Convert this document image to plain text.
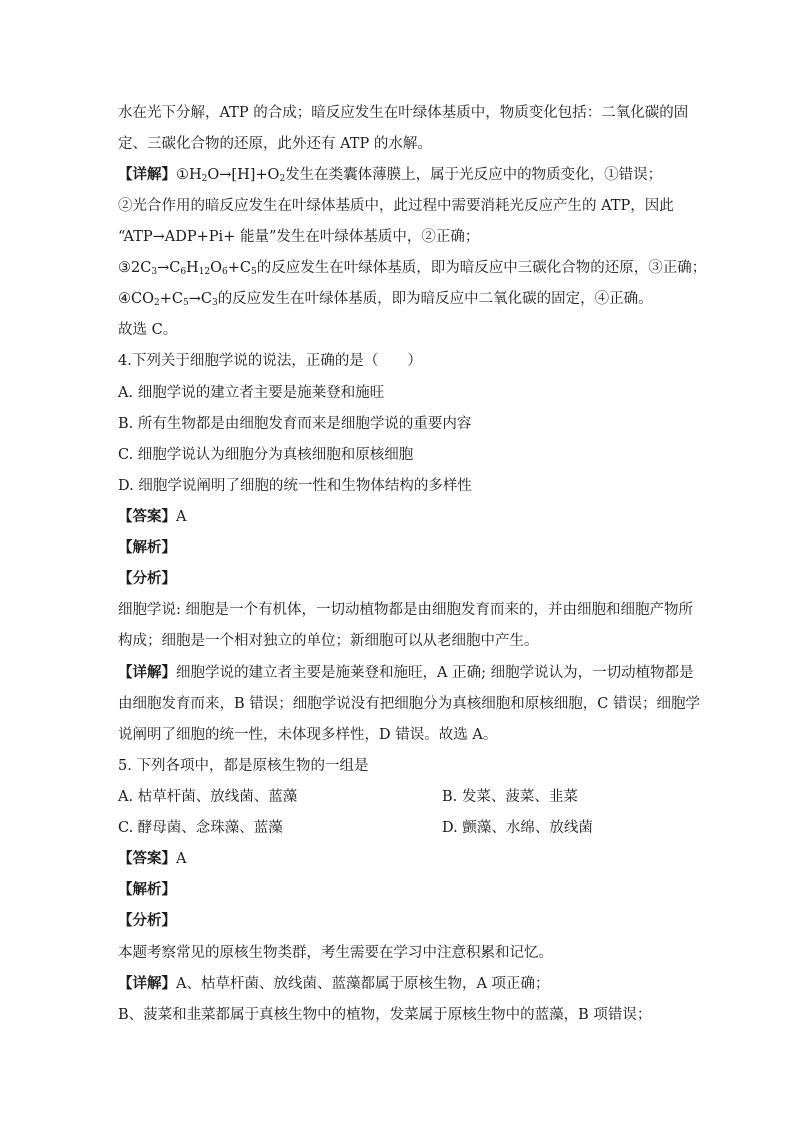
水在光下分解，ATP 的合成；暗反应发生在叶绿体基质中，物质变化包括：二氧化碳的固
定、三碳化合物的还原，此外还有 ATP 的水解。
【详解】$①H_2O\to[H]+O_2$发生在类囊体薄膜上，属于光反应中的物质变化，①错误；
②光合作用的暗反应发生在叶绿体基质中，此过程中需要消耗光反应产生的 ATP，因此
“ATP→ADP+Pi+ 能量”发生在叶绿体基质中，②正确；
$③2C_3\to C_6H_{12}O_6+C_5$的反应发生在叶绿体基质，即为暗反应中三碳化合物的还原，③正确；
$④CO_2+C_5\to C_3$的反应发生在叶绿体基质，即为暗反应中二氧化碳的固定，④正确。
故选 C。
4.下列关于细胞学说的说法，正确的是（　　）
A. 细胞学说的建立者主要是施莱登和施旺
B. 所有生物都是由细胞发育而来是细胞学说的重要内容
C. 细胞学说认为细胞分为真核细胞和原核细胞
D. 细胞学说阐明了细胞的统一性和生物体结构的多样性
【答案】A
【解析】
【分析】
细胞学说: 细胞是一个有机体，一切动植物都是由细胞发育而来的，并由细胞和细胞产物所
构成；细胞是一个相对独立的单位；新细胞可以从老细胞中产生。
【详解】细胞学说的建立者主要是施莱登和施旺，A 正确; 细胞学说认为，一切动植物都是
由细胞发育而来，B 错误；细胞学说没有把细胞分为真核细胞和原核细胞，C 错误；细胞学
说阐明了细胞的统一性，未体现多样性，D 错误。故选 A。
5. 下列各项中，都是原核生物的一组是
A. 枯草杆菌、放线菌、蓝藻	B. 发菜、菠菜、韭菜
C. 酵母菌、念珠藻、蓝藻	D. 颤藻、水绵、放线菌
【答案】A
【解析】
【分析】
本题考察常见的原核生物类群，考生需要在学习中注意积累和记忆。
【详解】A、枯草杆菌、放线菌、蓝藻都属于原核生物，A 项正确；
B、菠菜和韭菜都属于真核生物中的植物，发菜属于原核生物中的蓝藻，B 项错误；
